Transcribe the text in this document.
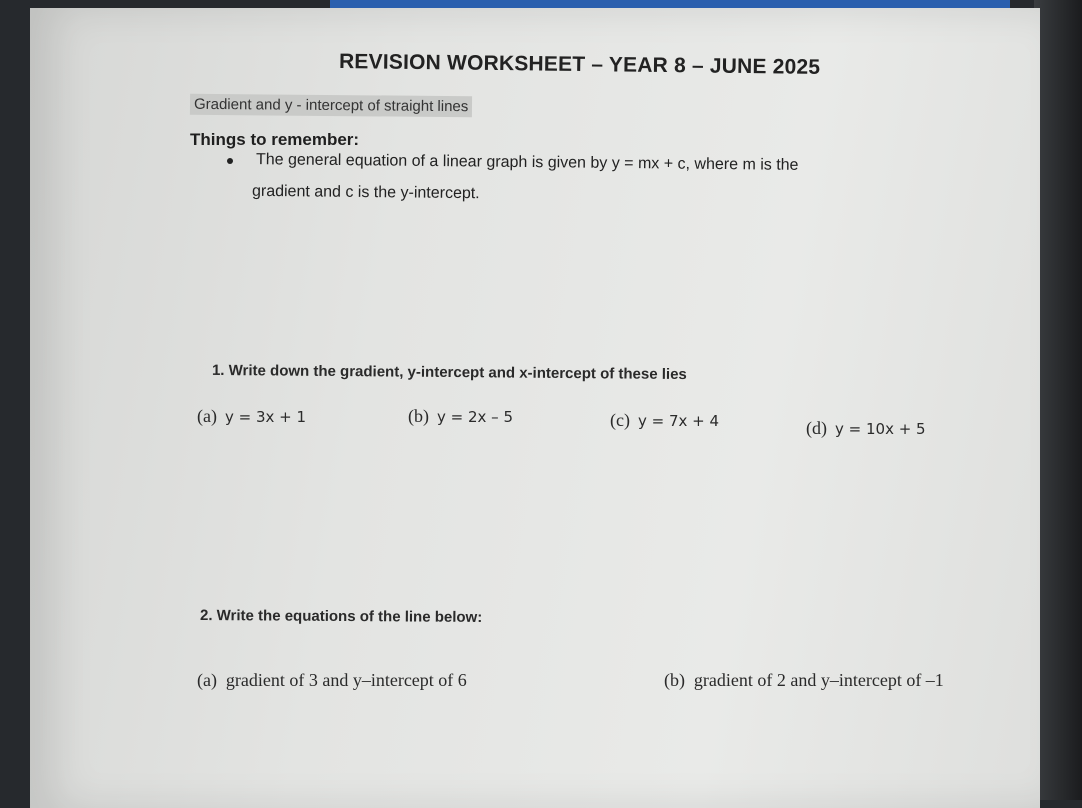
REVISION WORKSHEET – YEAR 8 – JUNE 2025
Gradient and y - intercept of straight lines
Things to remember:
The general equation of a linear graph is given by y = mx + c, where m is the
gradient and c is the y-intercept.
1. Write down the gradient, y-intercept and x-intercept of these lies
(a) y = 3x + 1	(b) y = 2x – 5	(c) y = 7x + 4	(d) y = 10x + 5
2. Write the equations of the line below:
(a) gradient of 3 and y–intercept of 6	(b) gradient of 2 and y–intercept of –1
